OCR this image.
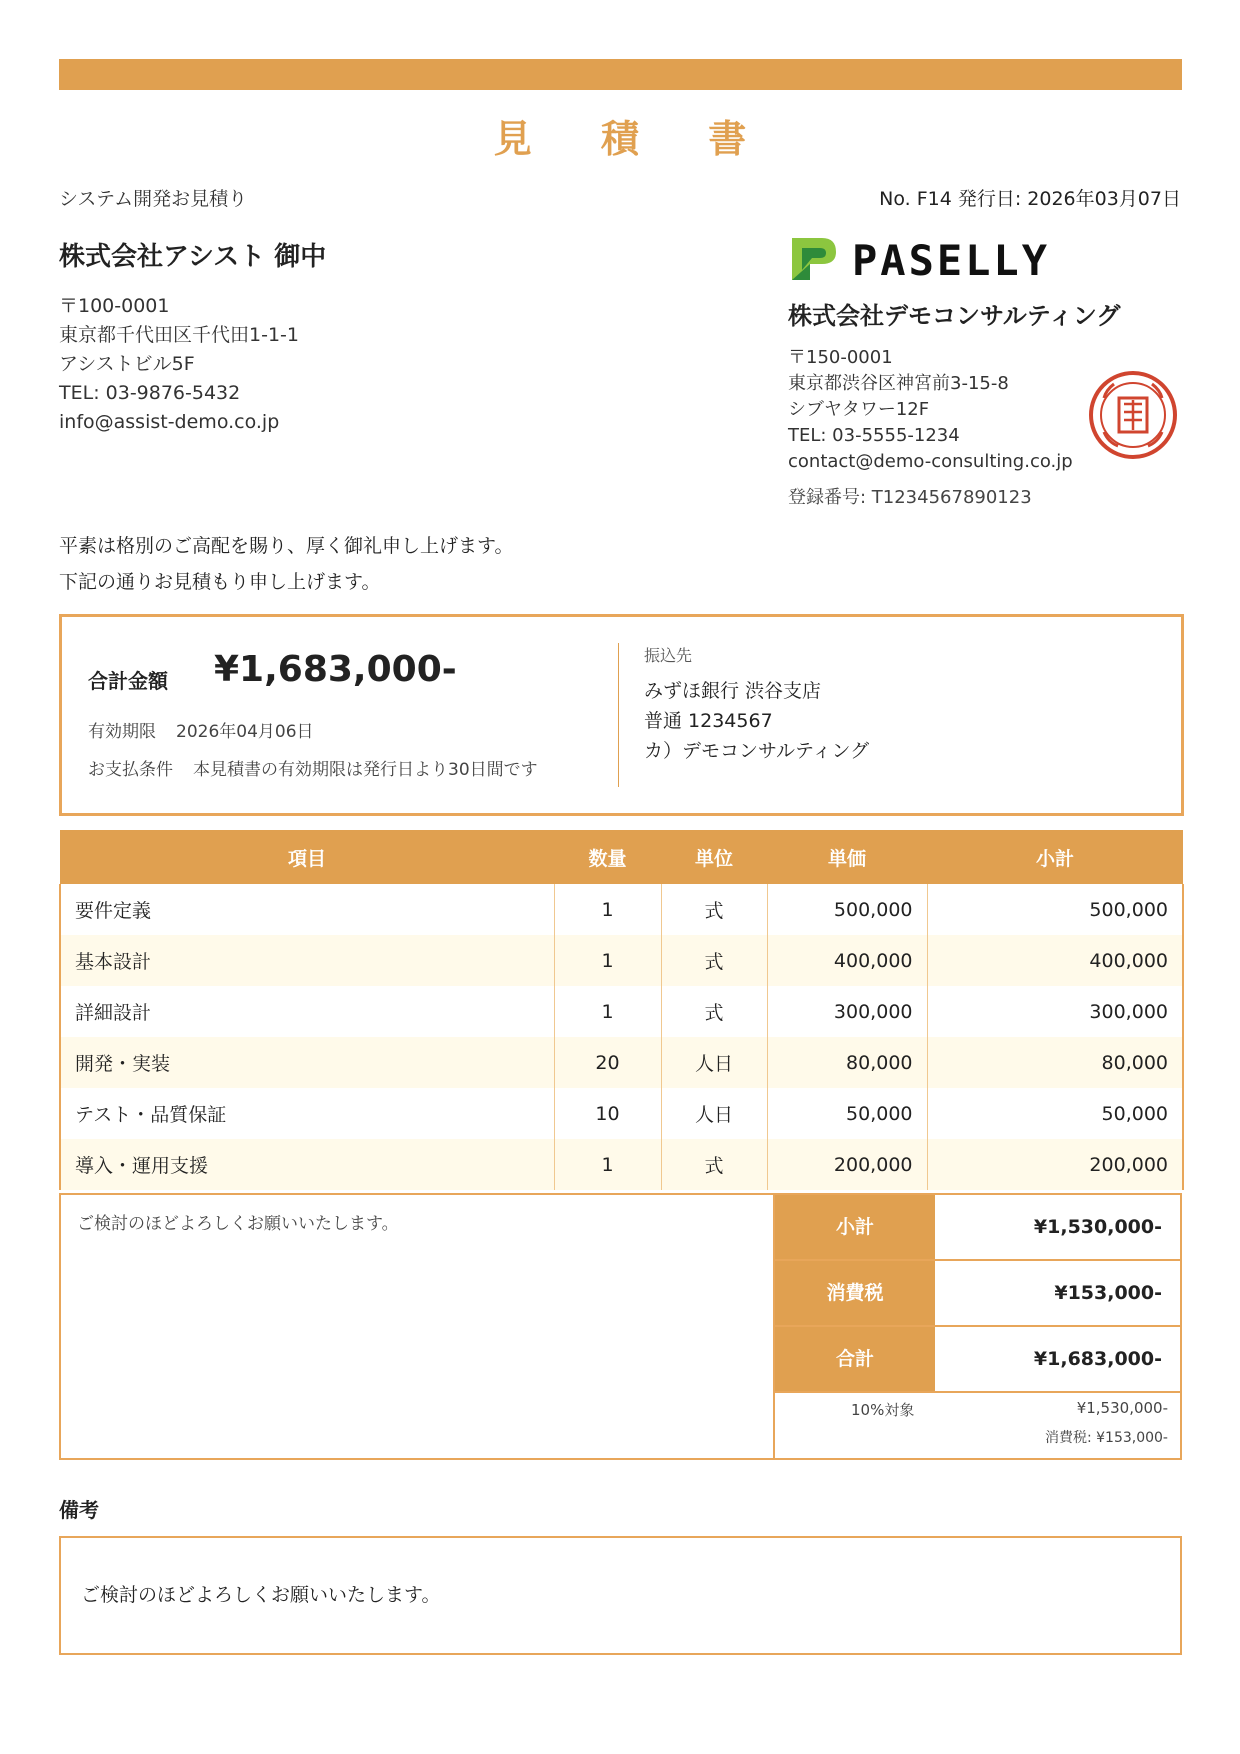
見 積 書
システム開発お見積り	No. F14 発行日: 2026年03月07日
株式会社アシスト 御中
〒100-0001
東京都千代田区千代田1-1-1
アシストビル5F
TEL: 03-9876-5432
info@assist-demo.co.jp
PASELLY
株式会社デモコンサルティング
〒150-0001
東京都渋谷区神宮前3-15-8
シブヤタワー12F
TEL: 03-5555-1234
contact@demo-consulting.co.jp
登録番号: T1234567890123
平素は格別のご高配を賜り、厚く御礼申し上げます。
下記の通りお見積もり申し上げます。
合計金額 ¥1,683,000-
有効期限 2026年04月06日
お支払条件 本見積書の有効期限は発行日より30日間です
振込先
みずほ銀行 渋谷支店
普通 1234567
カ）デモコンサルティング
項目	数量	単位	単価	小計
要件定義	1	式	500,000	500,000
基本設計	1	式	400,000	400,000
詳細設計	1	式	300,000	300,000
開発・実装	20	人日	80,000	80,000
テスト・品質保証	10	人日	50,000	50,000
導入・運用支援	1	式	200,000	200,000
ご検討のほどよろしくお願いいたします。	小計	¥1,530,000-
消費税	¥153,000-
合計	¥1,683,000-
10%対象	¥1,530,000-
消費税: ¥153,000-
備考
ご検討のほどよろしくお願いいたします。
